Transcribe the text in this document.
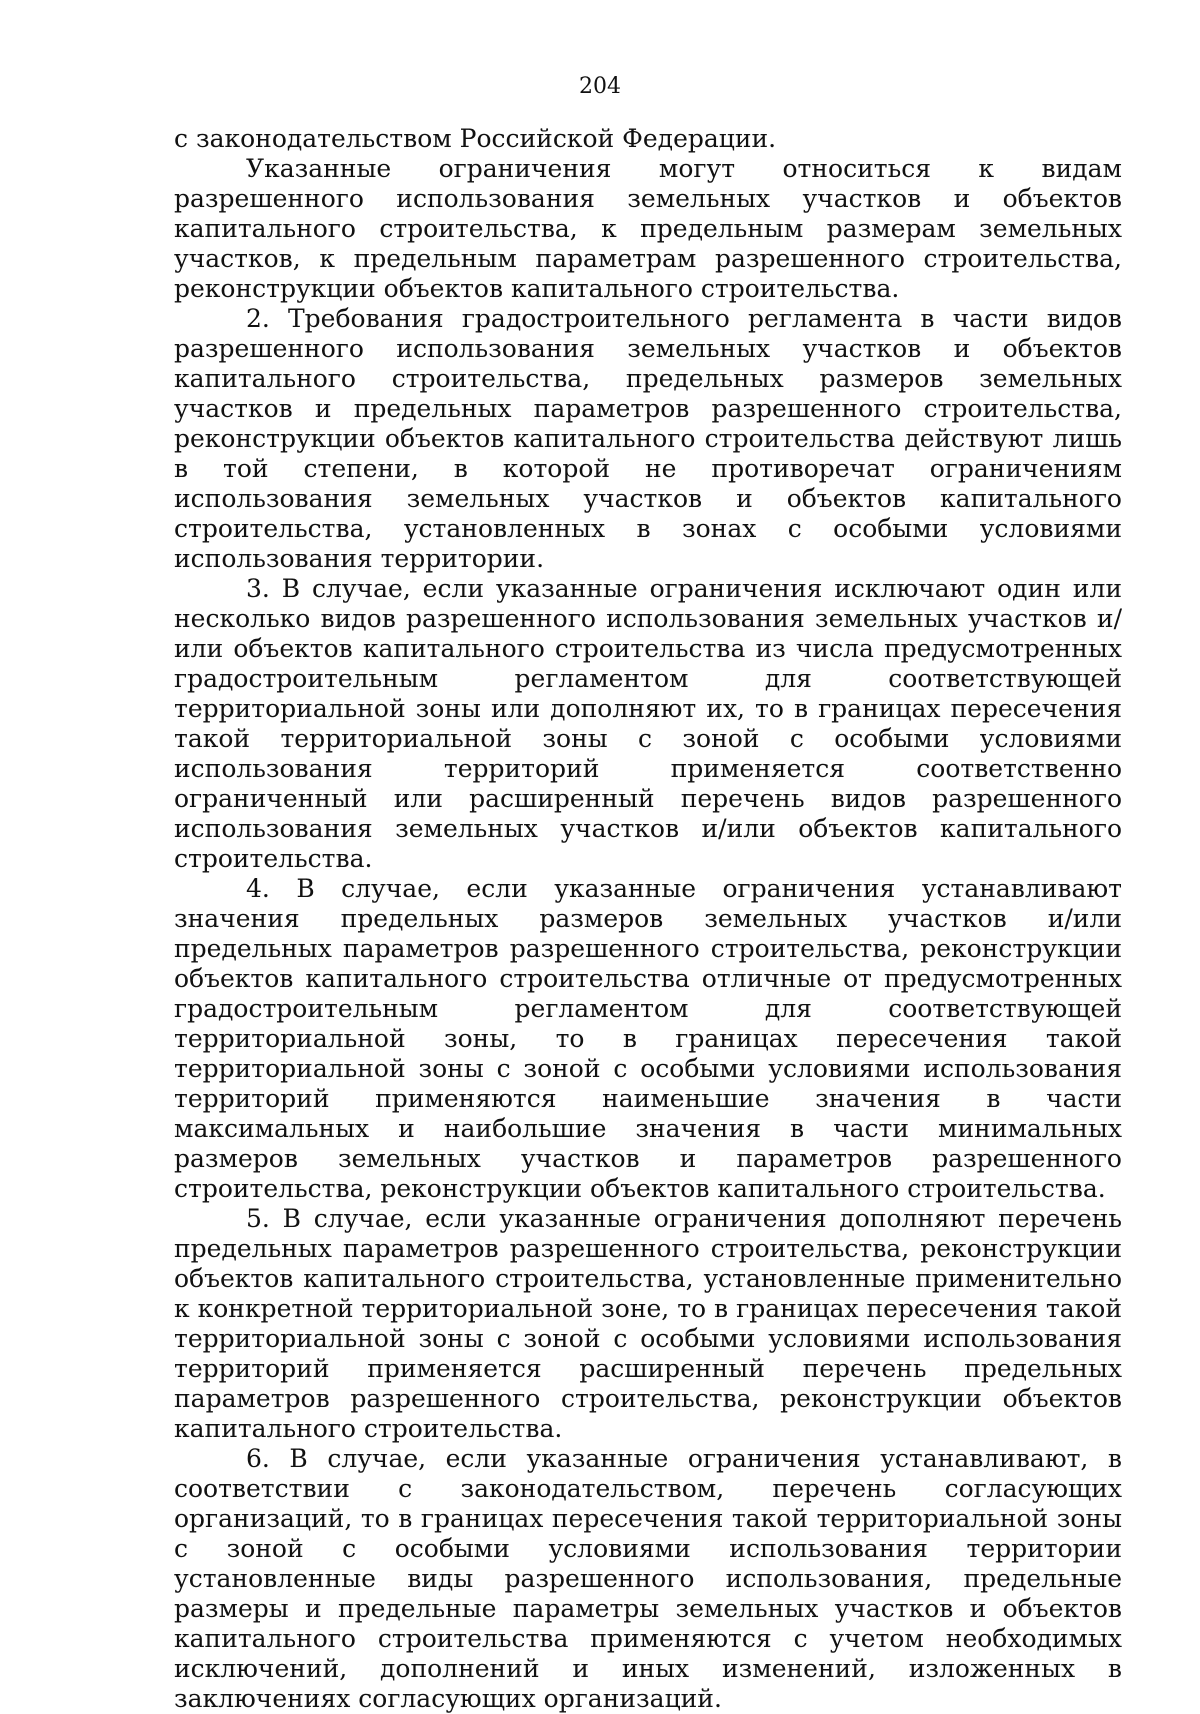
204

с законодательством Российской Федерации.

Указанные ограничения могут относиться к видам разрешенного использования земельных участков и объектов капитального строительства, к предельным размерам земельных участков, к предельным параметрам разрешенного строительства, реконструкции объектов капитального строительства.

2. Требования градостроительного регламента в части видов разрешенного использования земельных участков и объектов капитального строительства, предельных размеров земельных участков и предельных параметров разрешенного строительства, реконструкции объектов капитального строительства действуют лишь в той степени, в которой не противоречат ограничениям использования земельных участков и объектов капитального строительства, установленных в зонах с особыми условиями использования территории.

3. В случае, если указанные ограничения исключают один или несколько видов разрешенного использования земельных участков и/или объектов капитального строительства из числа предусмотренных градостроительным регламентом для соответствующей территориальной зоны или дополняют их, то в границах пересечения такой территориальной зоны с зоной с особыми условиями использования территорий применяется соответственно ограниченный или расширенный перечень видов разрешенного использования земельных участков и/или объектов капитального строительства.

4. В случае, если указанные ограничения устанавливают значения предельных размеров земельных участков и/или предельных параметров разрешенного строительства, реконструкции объектов капитального строительства отличные от предусмотренных градостроительным регламентом для соответствующей территориальной зоны, то в границах пересечения такой территориальной зоны с зоной с особыми условиями использования территорий применяются наименьшие значения в части максимальных и наибольшие значения в части минимальных размеров земельных участков и параметров разрешенного строительства, реконструкции объектов капитального строительства.

5. В случае, если указанные ограничения дополняют перечень предельных параметров разрешенного строительства, реконструкции объектов капитального строительства, установленные применительно к конкретной территориальной зоне, то в границах пересечения такой территориальной зоны с зоной с особыми условиями использования территорий применяется расширенный перечень предельных параметров разрешенного строительства, реконструкции объектов капитального строительства.

6. В случае, если указанные ограничения устанавливают, в соответствии с законодательством, перечень согласующих организаций, то в границах пересечения такой территориальной зоны с зоной с особыми условиями использования территории установленные виды разрешенного использования, предельные размеры и предельные параметры земельных участков и объектов капитального строительства применяются с учетом необходимых исключений, дополнений и иных изменений, изложенных в заключениях согласующих организаций.
